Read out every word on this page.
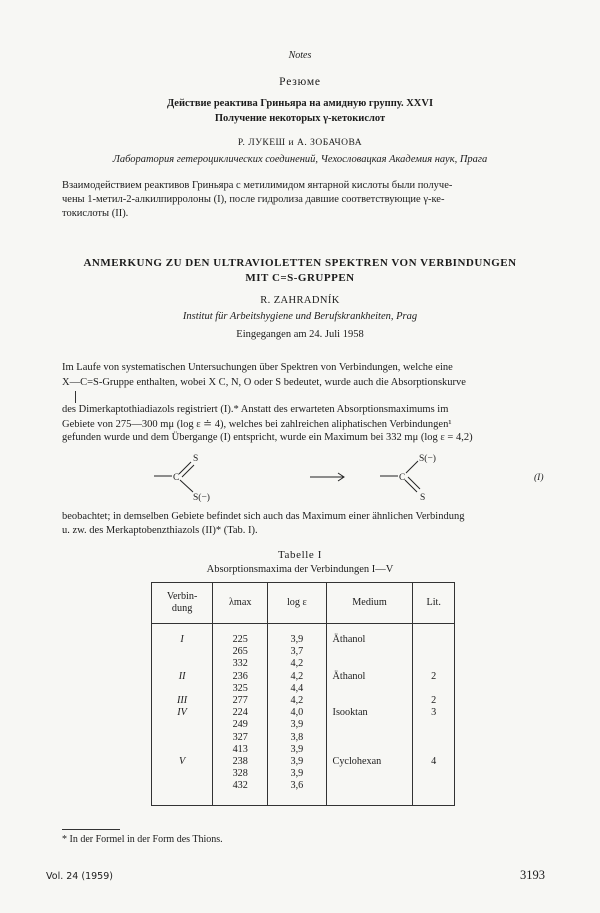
Notes
Резюме
Действие реактива Гриньяра на амидную группу. XXVI
Получение некоторых γ-кетокислот
Р. ЛУКЕШ и А. ЗОБАЧОВА
Лаборатория гетероциклических соединений, Чехословацкая Академия наук, Прага
Взаимодействием реактивов Гриньяра с метилимидом янтарной кислоты были получе-
чены 1-метил-2-алкилпирролоны (I), после гидролиза давшие соответствующие γ-ке-
токислоты (II).
ANMERKUNG ZU DEN ULTRAVIOLETTEN SPEKTREN VON VERBINDUNGEN
MIT C=S-GRUPPEN
R. ZAHRADNÍK
Institut für Arbeitshygiene und Berufskrankheiten, Prag
Eingegangen am 24. Juli 1958
Im Laufe von systematischen Untersuchungen über Spektren von Verbindungen, welche eine
X—C=S-Gruppe enthalten, wobei X C, N, O oder S bedeutet, wurde auch die Absorptionskurve
des Dimerkaptothiadiazols registriert (I).* Anstatt des erwarteten Absorptionsmaximums im
Gebiete von 275—300 mμ (log ε ≐ 4), welches bei zahlreichen aliphatischen Verbindungen¹
gefunden wurde und dem Übergange (I) entspricht, wurde ein Maximum bei 332 mμ (log ε = 4,2)
C
S
S(−)
C
S(−)
S
(I)
beobachtet; in demselben Gebiete befindet sich auch das Maximum einer ähnlichen Verbindung
u. zw. des Merkaptobenzthiazols (II)* (Tab. I).
Tabelle I
Absorptionsmaxima der Verbindungen I—V
Verbin-
dung	λmax	log ε	Medium	Lit.
I	225	3,9	Äthanol	
	265	3,7		
	332	4,2		
II	236	4,2	Äthanol	2
	325	4,4		
III	277	4,2		2
IV	224	4,0	Isooktan	3
	249	3,9		
	327	3,8		
	413	3,9		
V	238	3,9	Cyclohexan	4
	328	3,9		
	432	3,6		
* In der Formel in der Form des Thions.
Vol. 24 (1959)	3193
